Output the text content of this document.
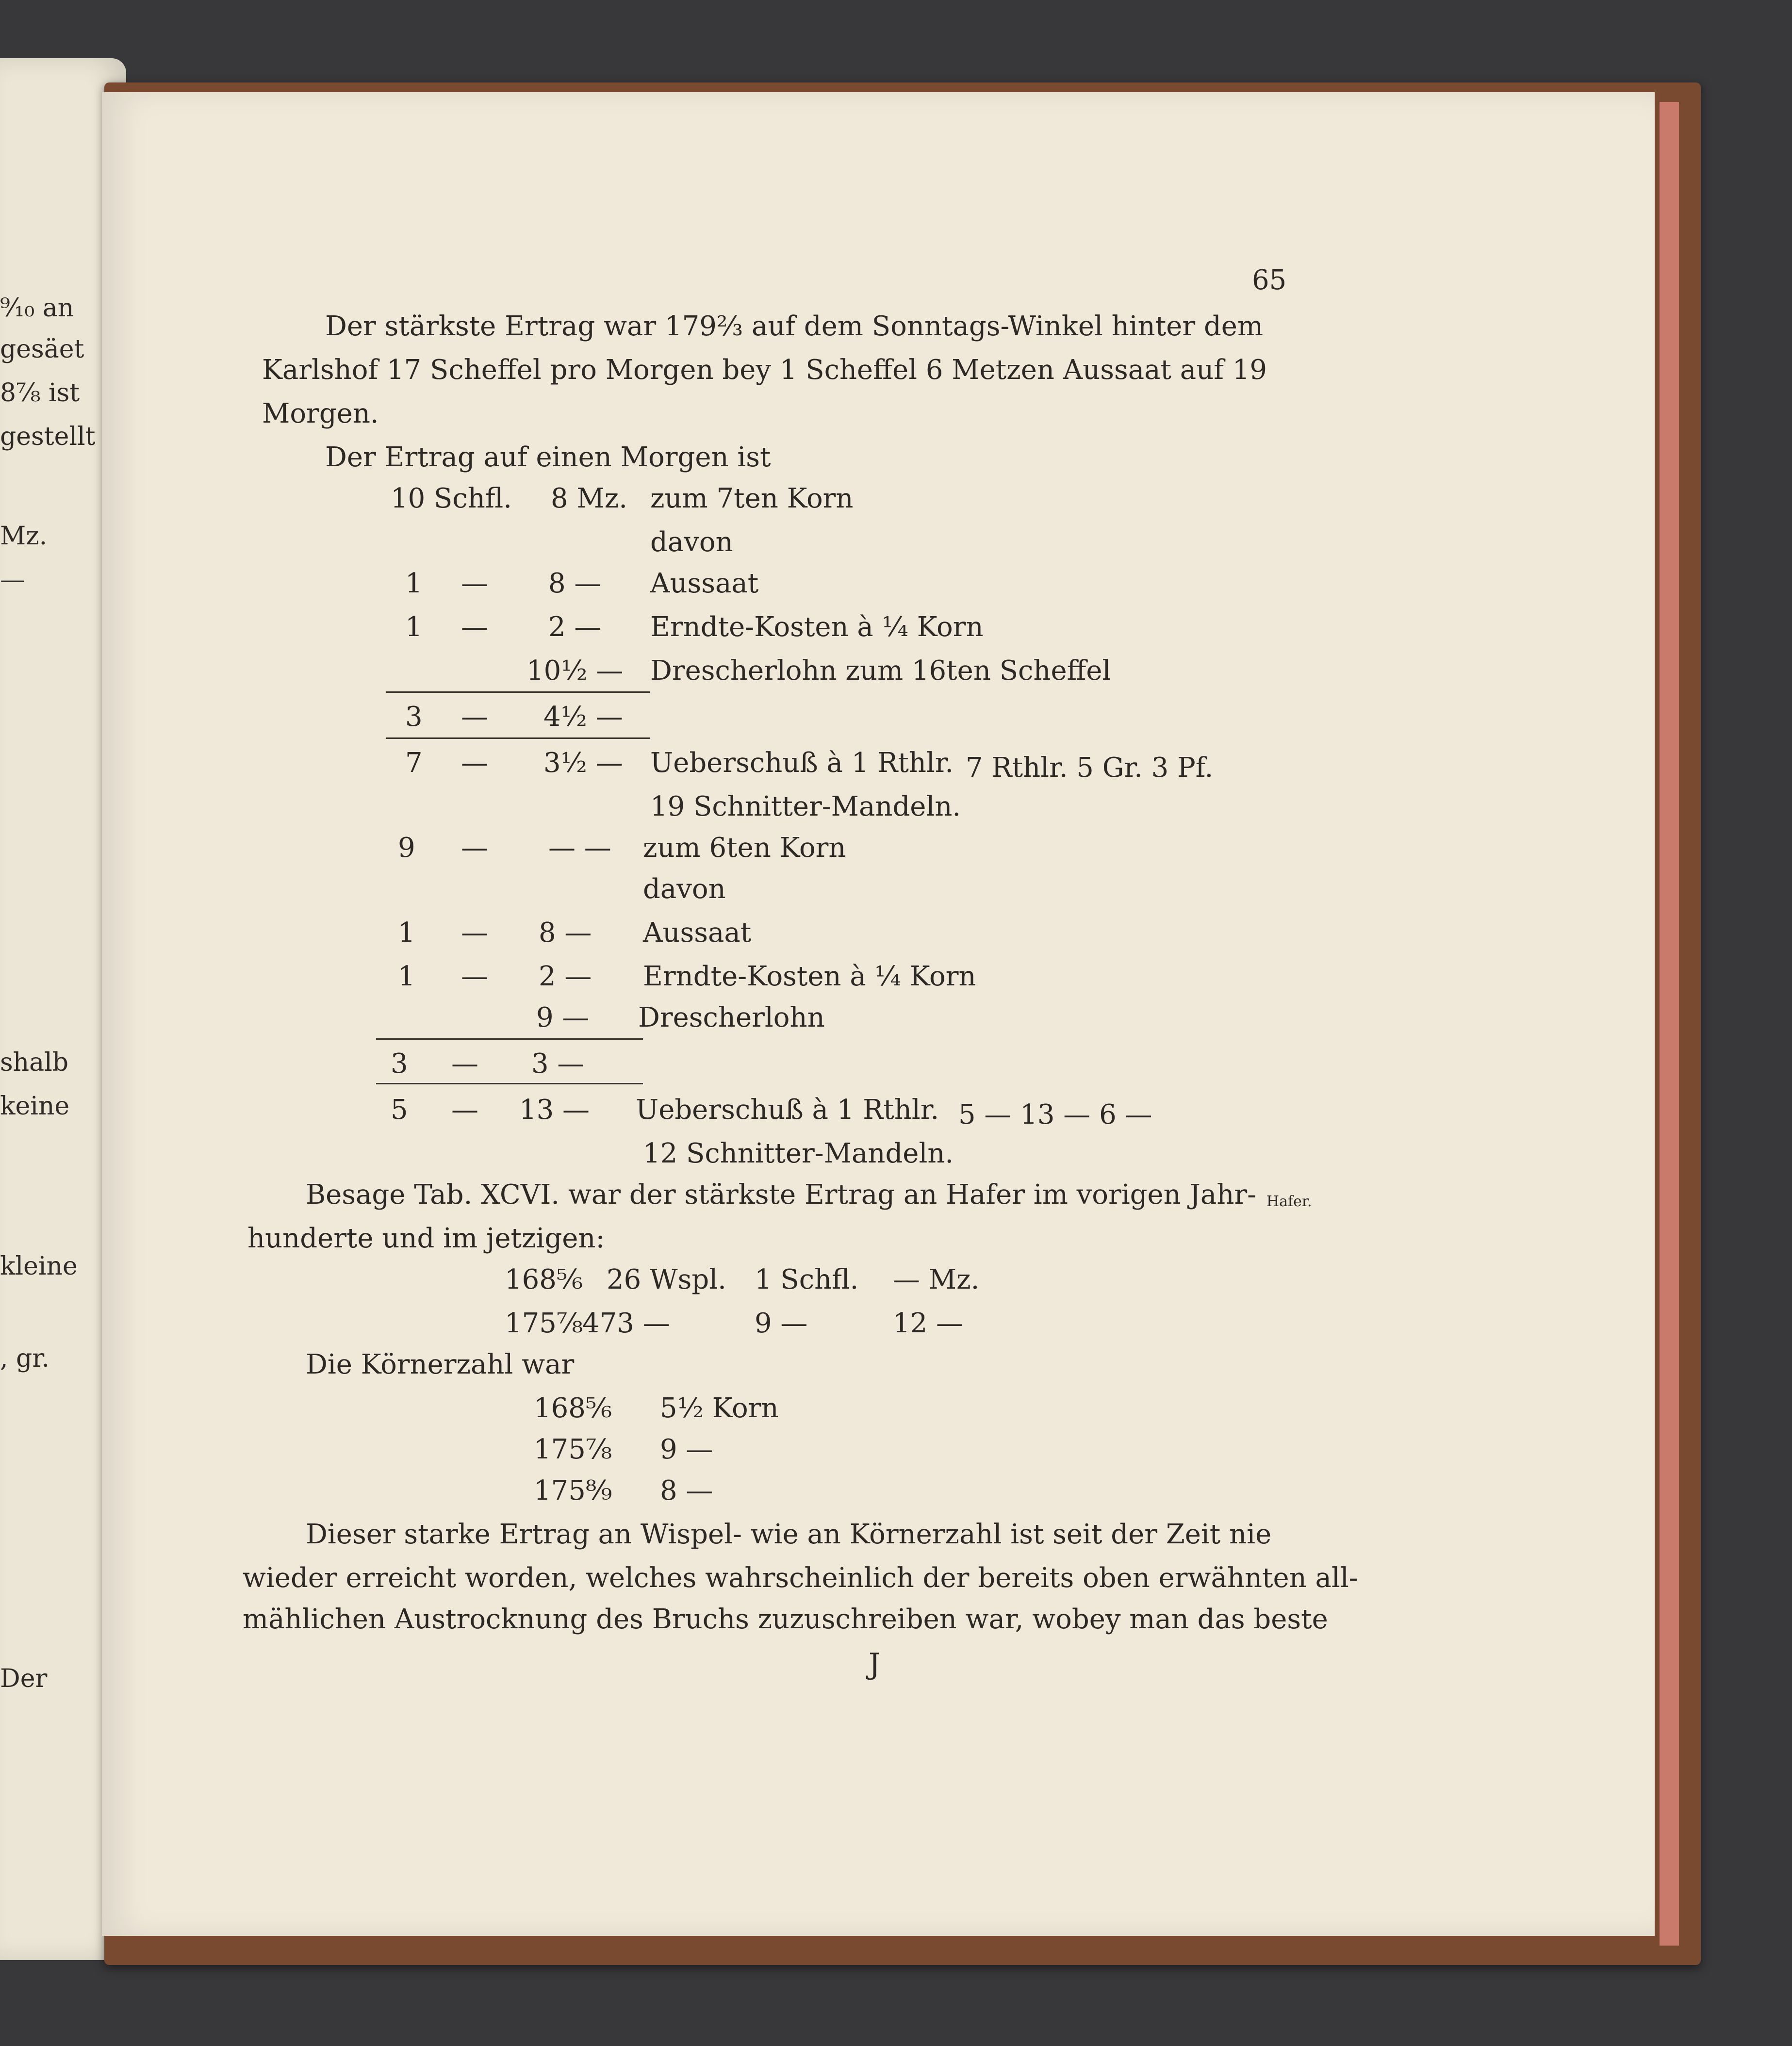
⁹⁄₁₀ an
gesäet
8⁷⁄₈ ist
gestellt
Mz.
—
shalb
keine
kleine
, gr.
Der
65
Der stärkste Ertrag war 179⅔ auf dem Sonntags-Winkel hinter dem
Karlshof 17 Scheffel pro Morgen bey 1 Scheffel 6 Metzen Aussaat auf 19
Morgen.
Der Ertrag auf einen Morgen ist
10 Schfl. 8 Mz. zum 7ten Korn
davon
1 — 8 — Aussaat
1 — 2 — Erndte-Kosten à ¼ Korn
10½ — Drescherlohn zum 16ten Scheffel
3 — 4½ —
7 — 3½ — Ueberschuß à 1 Rthlr. 7 Rthlr. 5 Gr. 3 Pf.
19 Schnitter-Mandeln.
9 — — — zum 6ten Korn
davon
1 — 8 — Aussaat
1 — 2 — Erndte-Kosten à ¼ Korn
9 — Drescherlohn
3 — 3 —
5 — 13 — Ueberschuß à 1 Rthlr. 5 — 13 — 6 —
12 Schnitter-Mandeln.
Besage Tab. XCVI. war der stärkste Ertrag an Hafer im vorigen Jahr- Hafer.
hunderte und im jetzigen:
168⅚ 26 Wspl. 1 Schfl. — Mz.
175⅞
473 —	9 —	12 —
Die Körnerzahl war
168⅚ 5½ Korn
175⅞ 9 —
175⁸⁄₉ 8 —
Dieser starke Ertrag an Wispel- wie an Körnerzahl ist seit der Zeit nie
wieder erreicht worden, welches wahrscheinlich der bereits oben erwähnten all-
mählichen Austrocknung des Bruchs zuzuschreiben war, wobey man das beste
J
